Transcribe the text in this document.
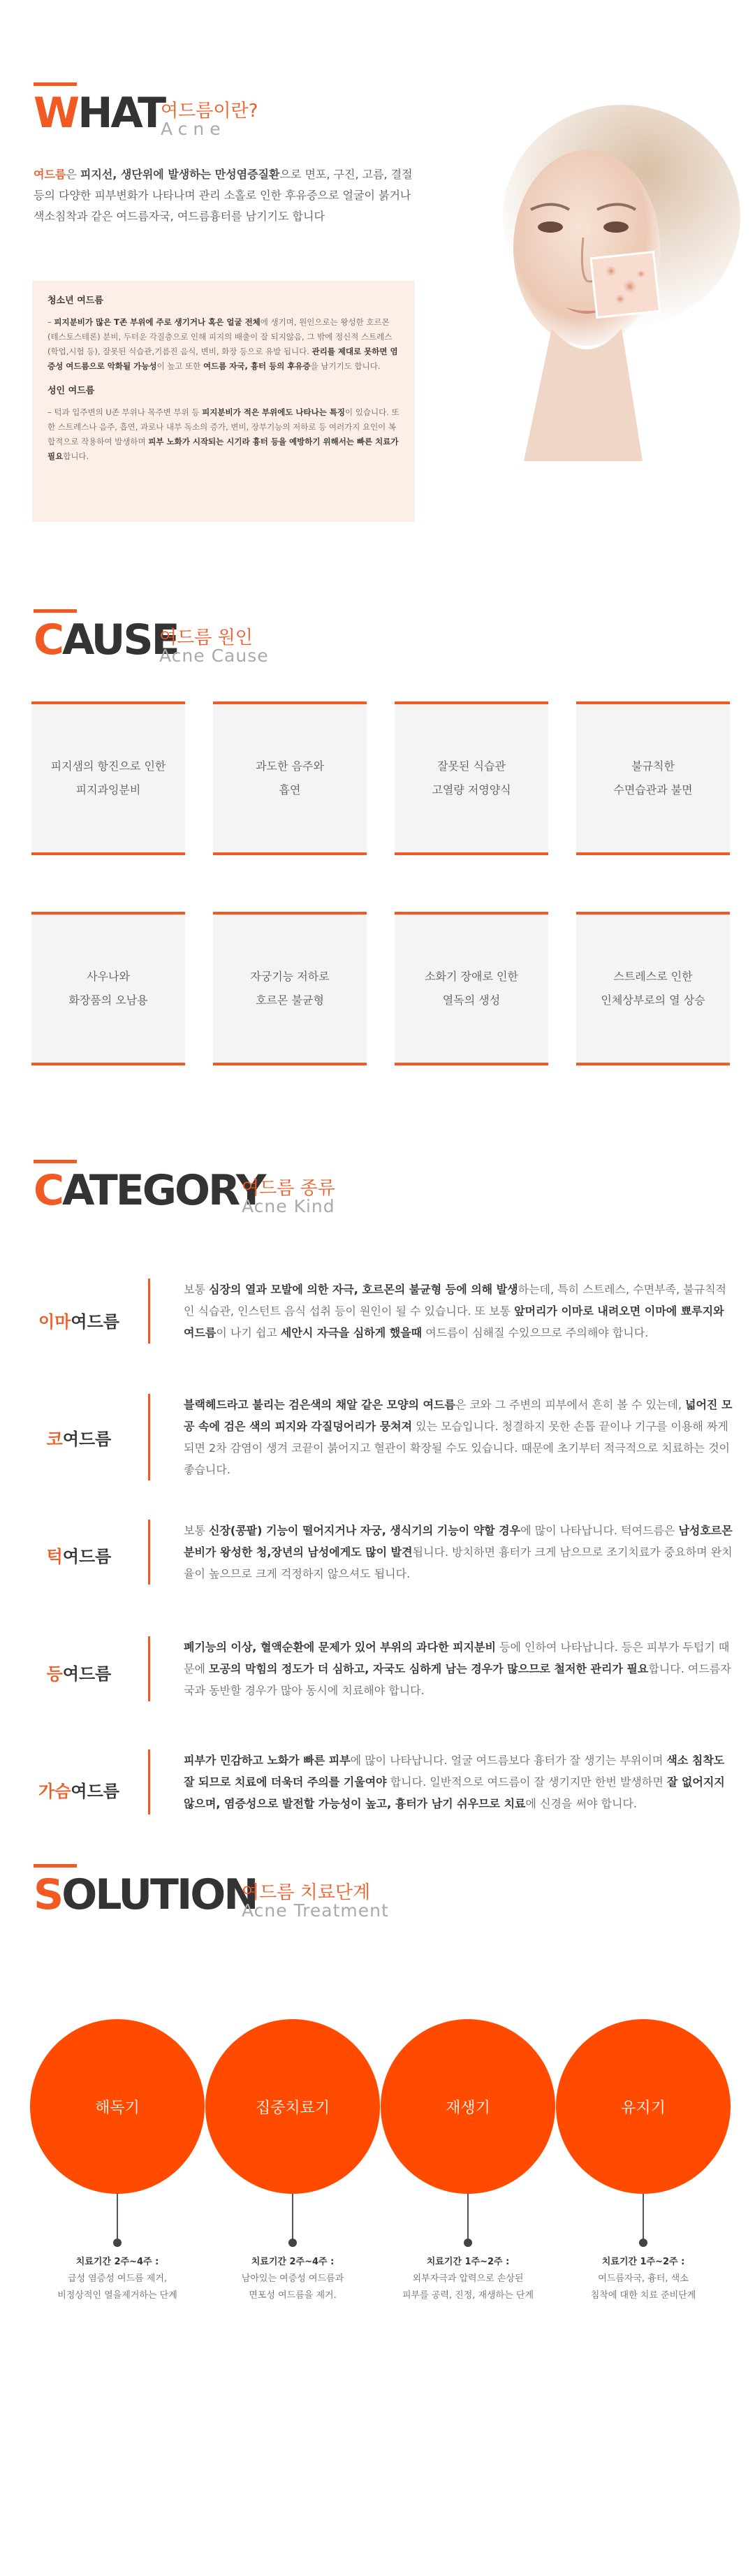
WHAT
여드름이란?
Acne
여드름은 피지선, 생단위에 발생하는 만성염증질환으로 면포, 구진, 고름, 결절 등의 다양한 피부변화가 나타나며 관리 소홀로 인한 후유증으로 얼굴이 붉거나 색소침착과 같은 여드름자국, 여드름흉터를 남기기도 합니다
청소년 여드름

– 피지분비가 많은 T존 부위에 주로 생기거나 혹은 얼굴 전체에 생기며, 원인으로는 왕성한 호르몬(테스토스테론) 분비, 두터운 각질층으로 인해 피지의 배출이 잘 되지않음, 그 밖에 정신적 스트레스(학업,시험 등), 잘못된 식습관,기름진 음식, 변비, 화장 등으로 유발 됩니다. 관리를 제대로 못하면 염증성 여드름으로 악화될 가능성이 높고 또한 여드름 자국, 흉터 등의 후유증을 남기기도 합니다.

성인 여드름

– 턱과 입주변의 U존 부위나 목주변 부위 등 피지분비가 적은 부위에도 나타나는 특징이 있습니다. 또한 스트레스나 음주, 흡연, 과로나 내부 독소의 증가, 변비, 장부기능의 저하로 등 여러가지 요인이 복합적으로 작용하여 발생하며 피부 노화가 시작되는 시기라 흉터 등을 예방하기 위해서는 빠른 치료가 필요합니다.

CAUSE
여드름 원인
Acne Cause
피지샘의 항진으로 인한
피지과잉분비
과도한 음주와
흡연
잘못된 식습관
고열량 저영양식
불규칙한
수면습관과 불면
사우나와
화장품의 오남용
자궁기능 저하로
호르몬 불균형
소화기 장애로 인한
열독의 생성
스트레스로 인한
인체상부로의 열 상승
CATEGORY
여드름 종류
Acne Kind
이마여드름
보통 심장의 열과 모발에 의한 자극, 호르몬의 불균형 등에 의해 발생하는데, 특히 스트레스, 수면부족, 불규칙적인 식습관, 인스턴트 음식 섭취 등이 원인이 될 수 있습니다. 또 보통 앞머리가 이마로 내려오면 이마에 뾰루지와 여드름이 나기 쉽고 세안시 자극을 심하게 했을때 여드름이 심해질 수있으므로 주의해야 합니다.
코여드름
블랙헤드라고 불리는 검은색의 채알 같은 모양의 여드름은 코와 그 주변의 피부에서 흔히 볼 수 있는데, 넓어진 모공 속에 검은 색의 피지와 각질덩어리가 뭉쳐져 있는 모습입니다. 청결하지 못한 손톱 끝이나 기구를 이용해 짜게 되면 2차 감염이 생겨 코끝이 붉어지고 혈관이 확장될 수도 있습니다. 때문에 초기부터 적극적으로 치료하는 것이 좋습니다.
턱여드름
보통 신장(콩팥) 기능이 떨어지거나 자궁, 생식기의 기능이 약할 경우에 많이 나타납니다. 턱여드름은 남성호르몬 분비가 왕성한 청,장년의 남성에게도 많이 발견됩니다. 방치하면 흉터가 크게 남으므로 조기치료가 중요하며 완치율이 높으므로 크게 걱정하지 않으셔도 됩니다.
등여드름
폐기능의 이상, 혈액순환에 문제가 있어 부위의 과다한 피지분비 등에 인하여 나타납니다. 등은 피부가 두텁기 때문에 모공의 막힘의 정도가 더 심하고, 자국도 심하게 남는 경우가 많으므로 철저한 관리가 필요합니다. 여드름자국과 동반할 경우가 많아 동시에 치료해야 합니다.
가슴여드름
피부가 민감하고 노화가 빠른 피부에 많이 나타납니다. 얼굴 여드름보다 흉터가 잘 생기는 부위이며 색소 침착도 잘 되므로 치료에 더욱더 주의를 기울여야 합니다. 일반적으로 여드름이 잘 생기지만 한번 발생하면 잘 없어지지 않으며, 염증성으로 발전할 가능성이 높고, 흉터가 남기 쉬우므로 치료에 신경을 써야 합니다.
SOLUTION
여드름 치료단계
Acne Treatment
해독기	집중치료기	재생기	유지기
치료기간 2주~4주 :
급성 염증성 여드름 제거,
비정상적인 열을제거하는 단계
치료기간 2주~4주 :
남아있는 여증성 여드름과
면포성 여드름을 제거.
치료기간 1주~2주 :
외부자극과 압력으로 손상된
피부를 공력, 진정, 재생하는 단계
치료기간 1주~2주 :
여드름자국, 흉터, 색소
침착에 대한 치료 준비단계
